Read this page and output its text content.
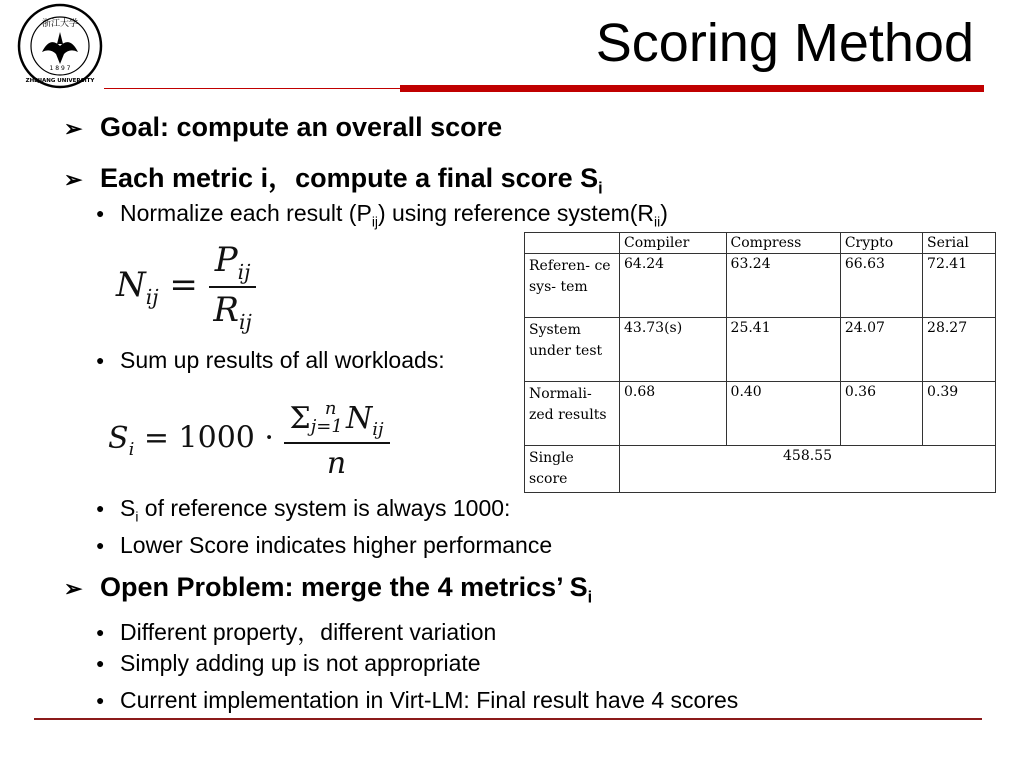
浙江大学
1 8 9 7
ZHEJIANG UNIVERSITY
Scoring Method
➢ Goal: compute an overall score
➢ Each metric i，compute a final score $S_i$
● Normalize each result $(P_{ij})$ using reference $system(R_{ii})$
$N_{ij} = \frac{P_{ij}}{R_{ij}}$
● Sum up results of all workloads:
$S_i = 1000 \cdot \frac{\Sigma j=1^n N_{ij}}{n}$
● $S_i$ of reference system is always 1000:
● Lower Score indicates higher performance
➢ Open Problem: merge the 4 metrics’ $S_i$
● Different property，different variation
● Simply adding up is not appropriate
● Current implementation in Virt-LM: Final result have 4 scores
	Compiler	Compress	Crypto	Serial
Referen- ce sys- tem	64.24	63.24	66.63	72.41
System under test	43.73(s)	25.41	24.07	28.27
Normali- zed results	0.68	0.40	0.36	0.39
Single score	458.55			
